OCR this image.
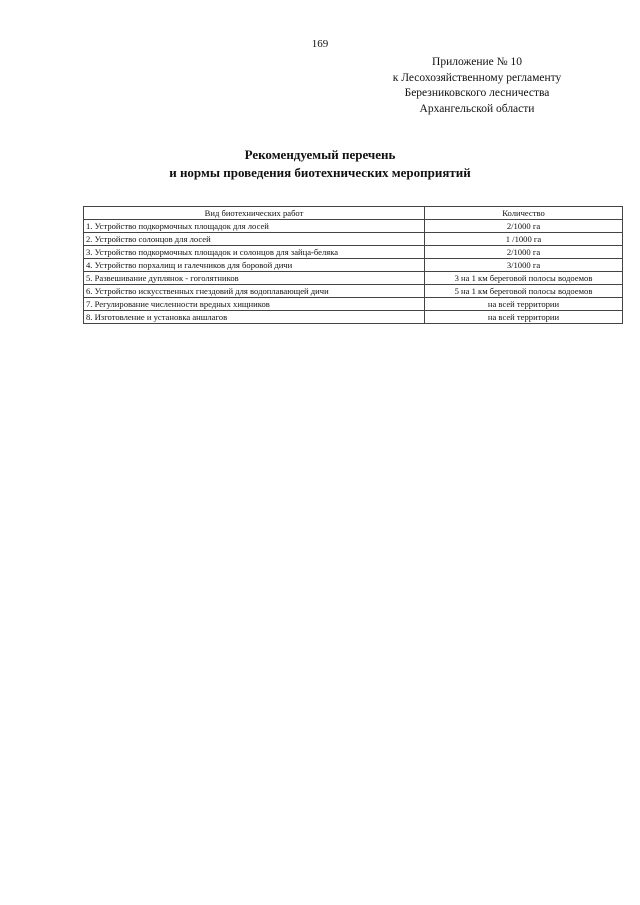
169
Приложение № 10
к Лесохозяйственному регламенту
Березниковского лесничества
Архангельской области
Рекомендуемый перечень
и нормы проведения биотехнических мероприятий
Вид биотехнических работ	Количество
1. Устройство подкормочных площадок для лосей	2/1000 га
2. Устройство солонцов для лосей	1 /1000 га
3. Устройство подкормочных площадок и солонцов для зайца-беляка	2/1000 га
4. Устройство порхалищ и галечников для боровой дичи	3/1000 га
5. Развешивание дуплянок - гоголятников	3 на 1 км береговой полосы водоемов
6. Устройство искусственных гнездовий для водоплавающей дичи	5 на 1 км береговой полосы водоемов
7. Регулирование численности вредных хищников	на всей территории
8. Изготовление и установка аншлагов	на всей территории
